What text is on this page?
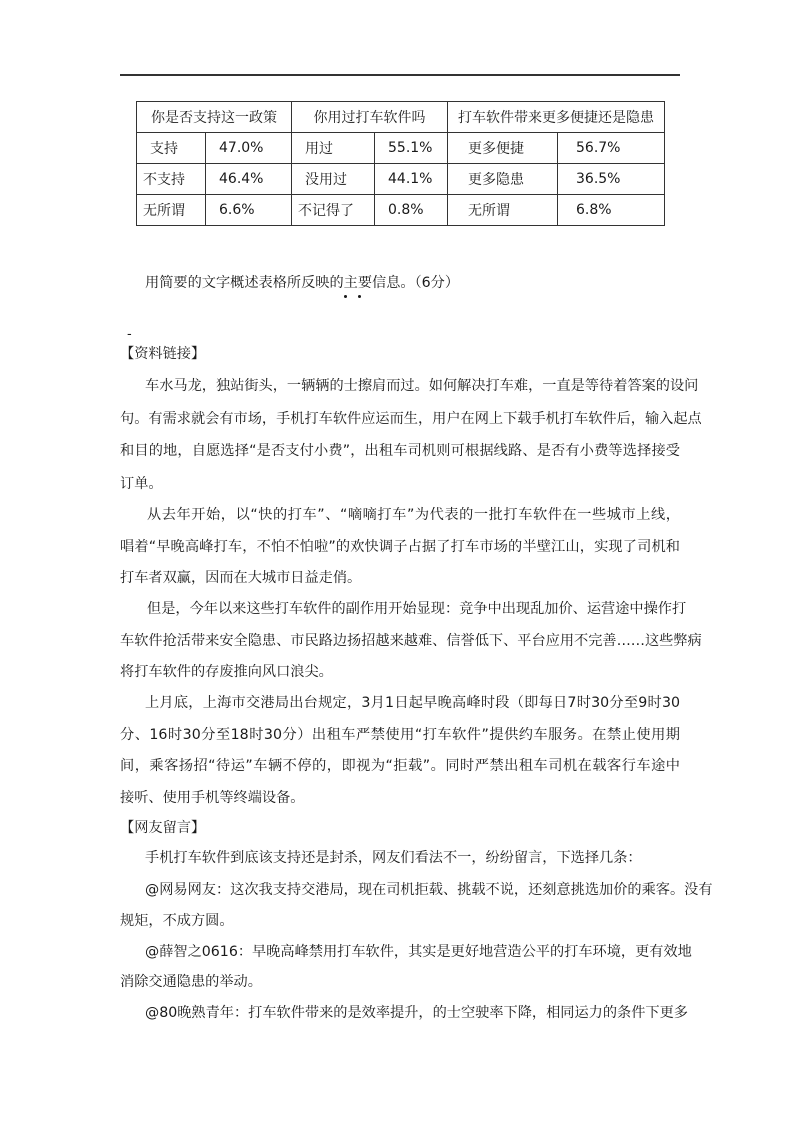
你是否支持这一政策		你用过打车软件吗		打车软件带来更多便捷还是隐患	
支持	47.0%	用过	55.1%	更多便捷	56.7%
不支持	46.4%	没用过	44.1%	更多隐患	36.5%
无所谓	6.6%	不记得了	0.8%	无所谓	6.8%
用简要的文字概述表格所反映的主要信息。（6分）
-
【资料链接】
车水马龙，独站街头，一辆辆的士擦肩而过。如何解决打车难，一直是等待着答案的设问
句。有需求就会有市场，手机打车软件应运而生，用户在网上下载手机打车软件后，输入起点
和目的地，自愿选择“是否支付小费”，出租车司机则可根据线路、是否有小费等选择接受
订单。
从去年开始，以“快的打车”、“嘀嘀打车”为代表的一批打车软件在一些城市上线，
唱着“早晚高峰打车，不怕不怕啦”的欢快调子占据了打车市场的半壁江山，实现了司机和
打车者双赢，因而在大城市日益走俏。
但是，今年以来这些打车软件的副作用开始显现：竞争中出现乱加价、运营途中操作打
车软件抢活带来安全隐患、市民路边扬招越来越难、信誉低下、平台应用不完善……这些弊病
将打车软件的存废推向风口浪尖。
上月底，上海市交港局出台规定，3月1日起早晚高峰时段（即每日7时30分至9时30
分、16时30分至18时30分）出租车严禁使用“打车软件”提供约车服务。在禁止使用期
间，乘客扬招“待运”车辆不停的，即视为“拒载”。同时严禁出租车司机在载客行车途中
接听、使用手机等终端设备。
【网友留言】
手机打车软件到底该支持还是封杀，网友们看法不一，纷纷留言，下选择几条：
@网易网友：这次我支持交港局，现在司机拒载、挑载不说，还刻意挑选加价的乘客。没有
规矩，不成方圆。
@薛智之0616：早晚高峰禁用打车软件，其实是更好地营造公平的打车环境，更有效地
消除交通隐患的举动。
@80晚熟青年：打车软件带来的是效率提升，的士空驶率下降，相同运力的条件下更多
